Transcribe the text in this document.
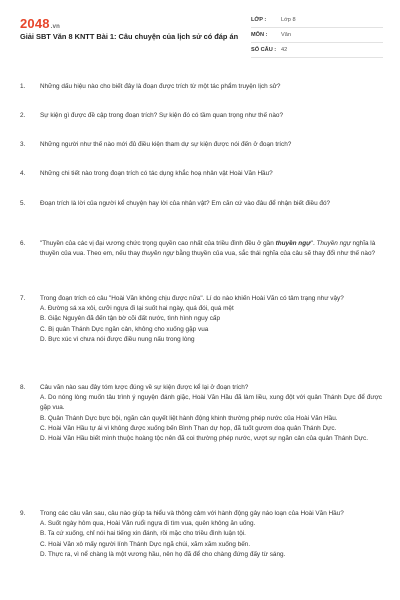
2048.vn
Giải SBT Văn 8 KNTT Bài 1: Câu chuyện của lịch sử có đáp án
LỚP :	Lớp 8
MÔN :	Văn
SỐ CÂU : 42
1.	Những dấu hiệu nào cho biết đây là đoạn được trích từ một tác phẩm truyện lịch sử?
2.	Sự kiện gì được đề cập trong đoạn trích? Sự kiện đó có tầm quan trọng như thế nào?
3.	Những người như thế nào mới đủ điều kiện tham dự sự kiện được nói đến ở đoạn trích?
4.	Những chi tiết nào trong đoạn trích có tác dụng khắc hoạ nhân vật Hoài Văn Hầu?
5.	Đoạn trích là lời của người kể chuyện hay lời của nhân vật? Em căn cứ vào đâu để nhận biết điều đó?
6.	"Thuyền của các vị đại vương chức trọng quyền cao nhất của triều đình đều ở gần thuyền ngự". Thuyền ngự nghĩa là thuyền của vua. Theo em, nếu thay thuyền ngự bằng thuyền của vua, sắc thái nghĩa của câu sẽ thay đổi như thế nào?
7.	Trong đoạn trích có câu "Hoài Văn không chịu được nữa". Lí do nào khiến Hoài Văn có tâm trạng như vậy?
A. Đường sá xa xôi, cưỡi ngựa đi lại suốt hai ngày, quá đói, quá mệt
B. Giặc Nguyên đã đến tận bờ cõi đất nước, tình hình nguy cấp
C. Bị quân Thánh Dực ngăn cản, không cho xuống gặp vua
D. Bực xúc vì chưa nói được điều nung nấu trong lòng
8.	Câu văn nào sau đây tóm lược đúng về sự kiện được kể lại ở đoạn trích?
A. Do nóng lòng muốn tâu trình ý nguyện đánh giặc, Hoài Văn Hầu đã làm liều, xung đột với quân Thánh Dực để được gặp vua.
B. Quân Thánh Dực bực bội, ngăn cản quyết liệt hành động khinh thường phép nước của Hoài Văn Hầu.
C. Hoài Văn Hầu tự ái vì không được xuống bến Bình Than dự họp, đã tuốt gươm doạ quân Thánh Dực.
D. Hoài Văn Hầu biết mình thuộc hoàng tộc nên đã coi thường phép nước, vượt sự ngăn cản của quân Thánh Dực.
9.	Trong các câu văn sau, câu nào giúp ta hiểu và thông cảm với hành động gây náo loạn của Hoài Văn Hầu?
A. Suốt ngày hôm qua, Hoài Văn ruổi ngựa đi tìm vua, quên không ăn uống.
B. Ta cứ xuống, chỉ nói hai tiếng xin đánh, rồi mặc cho triều đình luận tội.
C. Hoài Văn xô mấy người lính Thánh Dực ngã chúi, xăm xăm xuống bến.
D. Thực ra, vì nể chàng là một vương hầu, nên họ đã để cho chàng đứng đấy từ sáng.
